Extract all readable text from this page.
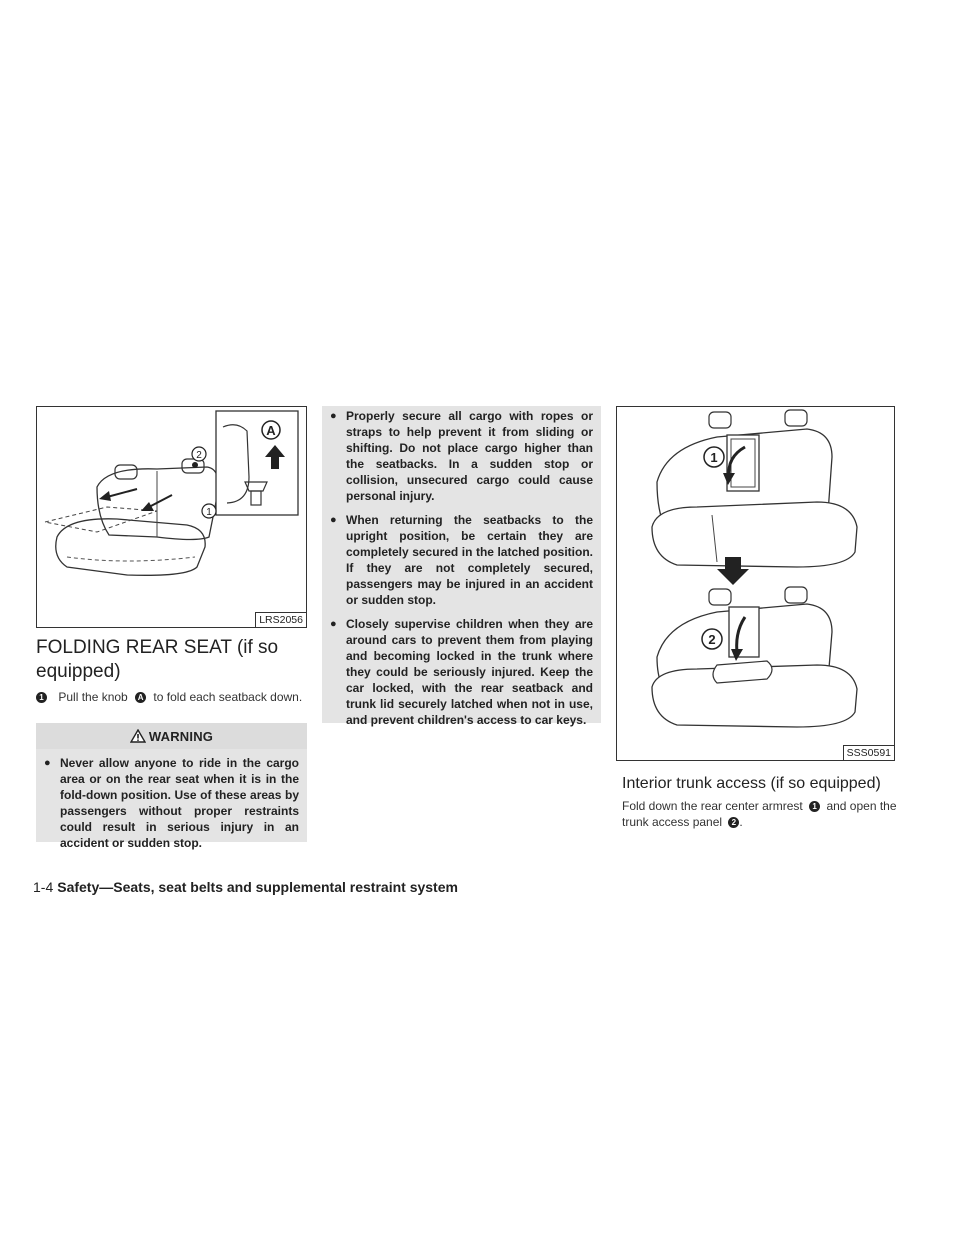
A
2
1
LRS2056
FOLDING REAR SEAT (if so equipped)
1 Pull the knob A to fold each seatback down.
WARNING
● Never allow anyone to ride in the cargo area or on the rear seat when it is in the fold-down position. Use of these areas by passengers without proper restraints could result in serious injury in an accident or sudden stop.
● Properly secure all cargo with ropes or straps to help prevent it from sliding or shifting. Do not place cargo higher than the seatbacks. In a sudden stop or collision, unsecured cargo could cause personal injury.
● When returning the seatbacks to the upright position, be certain they are completely secured in the latched position. If they are not completely secured, passengers may be injured in an accident or sudden stop.
● Closely supervise children when they are around cars to prevent them from playing and becoming locked in the trunk where they could be seriously injured. Keep the car locked, with the rear seatback and trunk lid securely latched when not in use, and prevent children's access to car keys.
1
2
SSS0591
Interior trunk access (if so equipped)
Fold down the rear center armrest 1 and open the trunk access panel 2 .
1-4 Safety—Seats, seat belts and supplemental restraint system
